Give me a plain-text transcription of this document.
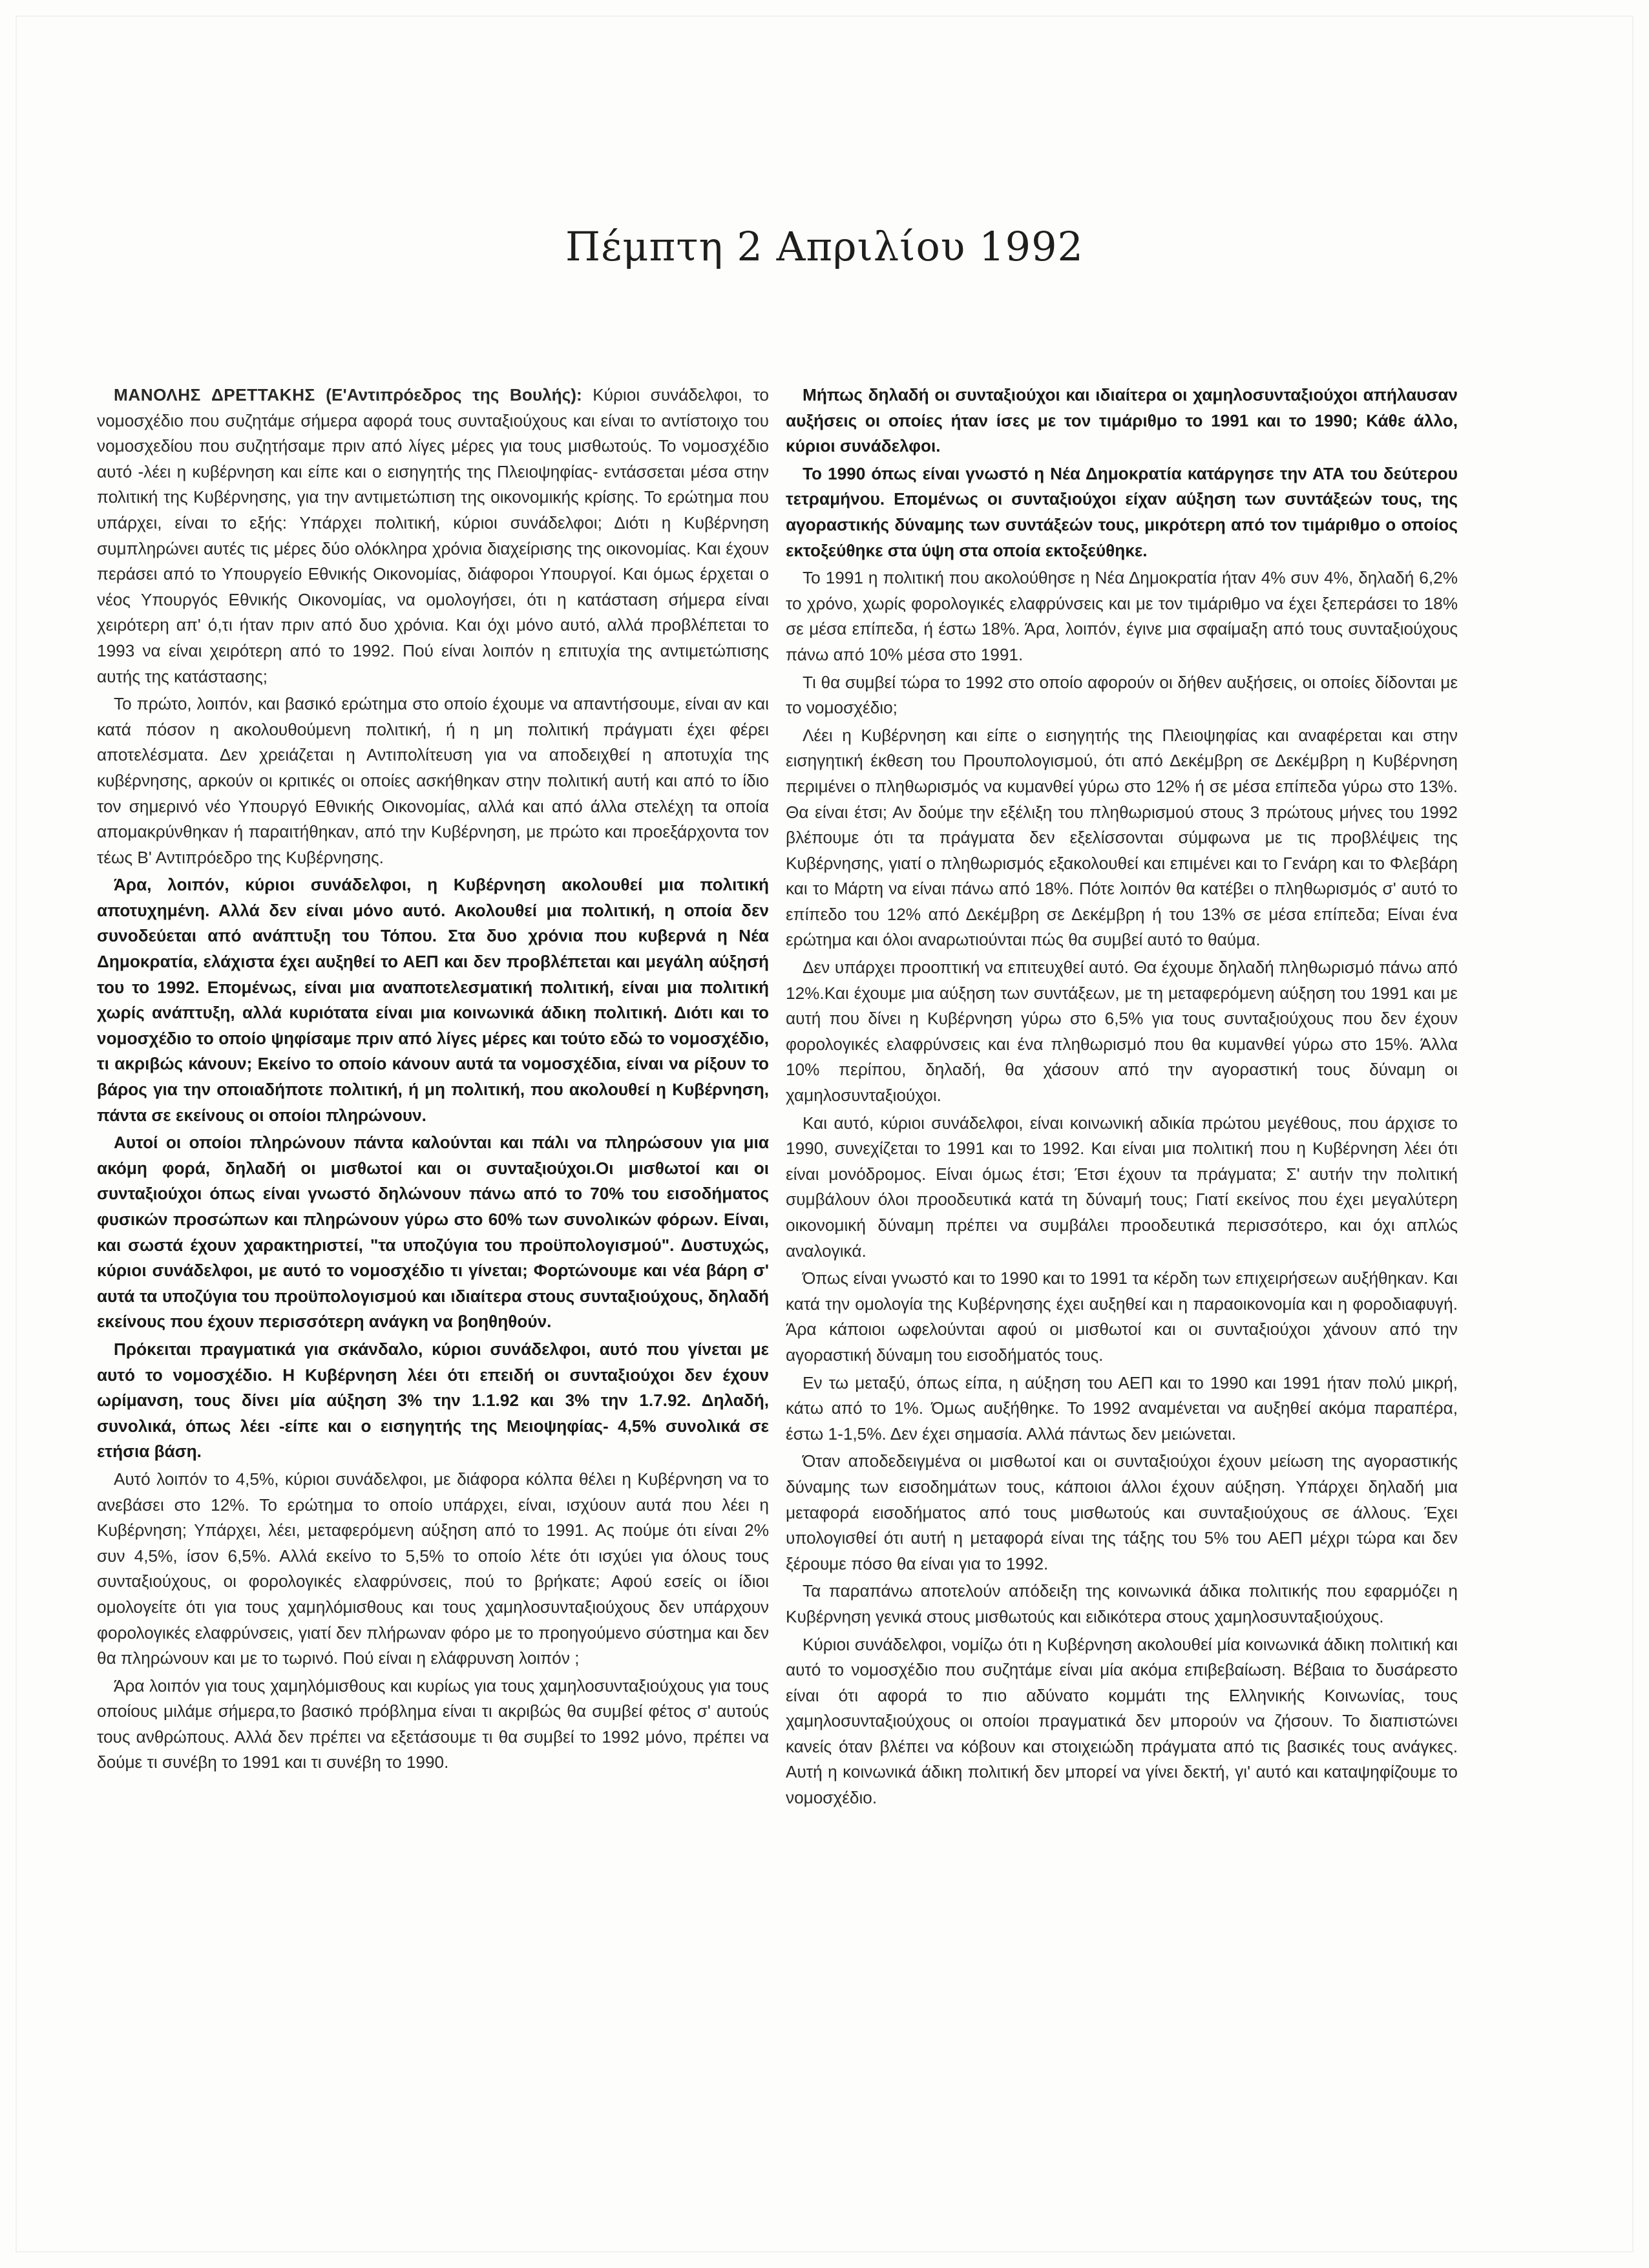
Πέμπτη 2 Απριλίου 1992

ΜΑΝΟΛΗΣ ΔΡΕΤΤΑΚΗΣ (Ε'Αντιπρόεδρος της Βουλής): Κύριοι συνάδελφοι, το νομοσχέδιο που συζητάμε σήμερα αφορά τους συνταξιούχους και είναι το αντίστοιχο του νομοσχεδίου που συζητήσαμε πριν από λίγες μέρες για τους μισθωτούς. Το νομοσχέδιο αυτό -λέει η κυβέρνηση και είπε και ο εισηγητής της Πλειοψηφίας- εντάσσεται μέσα στην πολιτική της Κυβέρνησης, για την αντιμετώπιση της οικονομικής κρίσης. Το ερώτημα που υπάρχει, είναι το εξής: Υπάρχει πολιτική, κύριοι συνάδελφοι; Διότι η Κυβέρνηση συμπληρώνει αυτές τις μέρες δύο ολόκληρα χρόνια διαχείρισης της οικονομίας. Και έχουν περάσει από το Υπουργείο Εθνικής Οικονομίας, διάφοροι Υπουργοί. Και όμως έρχεται ο νέος Υπουργός Εθνικής Οικονομίας, να ομολογήσει, ότι η κατάσταση σήμερα είναι χειρότερη απ' ό,τι ήταν πριν από δυο χρόνια. Και όχι μόνο αυτό, αλλά προβλέπεται το 1993 να είναι χειρότερη από το 1992. Πού είναι λοιπόν η επιτυχία της αντιμετώπισης αυτής της κατάστασης;

Το πρώτο, λοιπόν, και βασικό ερώτημα στο οποίο έχουμε να απαντήσουμε, είναι αν και κατά πόσον η ακολουθούμενη πολιτική, ή η μη πολιτική πράγματι έχει φέρει αποτελέσματα. Δεν χρειάζεται η Αντιπολίτευση για να αποδειχθεί η αποτυχία της κυβέρνησης, αρκούν οι κριτικές οι οποίες ασκήθηκαν στην πολιτική αυτή και από το ίδιο τον σημερινό νέο Υπουργό Εθνικής Οικονομίας, αλλά και από άλλα στελέχη τα οποία απομακρύνθηκαν ή παραιτήθηκαν, από την Κυβέρνηση, με πρώτο και προεξάρχοντα τον τέως Β' Αντιπρόεδρο της Κυβέρνησης.

Άρα, λοιπόν, κύριοι συνάδελφοι, η Κυβέρνηση ακολουθεί μια πολιτική αποτυχημένη. Αλλά δεν είναι μόνο αυτό. Ακολουθεί μια πολιτική, η οποία δεν συνοδεύεται από ανάπτυξη του Τόπου. Στα δυο χρόνια που κυβερνά η Νέα Δημοκρατία, ελάχιστα έχει αυξηθεί το ΑΕΠ και δεν προβλέπεται και μεγάλη αύξησή του το 1992. Επομένως, είναι μια αναποτελεσματική πολιτική, είναι μια πολιτική χωρίς ανάπτυξη, αλλά κυριότατα είναι μια κοινωνικά άδικη πολιτική. Διότι και το νομοσχέδιο το οποίο ψηφίσαμε πριν από λίγες μέρες και τούτο εδώ το νομοσχέδιο, τι ακριβώς κάνουν; Εκείνο το οποίο κάνουν αυτά τα νομοσχέδια, είναι να ρίξουν το βάρος για την οποιαδήποτε πολιτική, ή μη πολιτική, που ακολουθεί η Κυβέρνηση, πάντα σε εκείνους οι οποίοι πληρώνουν.

Αυτοί οι οποίοι πληρώνουν πάντα καλούνται και πάλι να πληρώσουν για μια ακόμη φορά, δηλαδή οι μισθωτοί και οι συνταξιούχοι.Οι μισθωτοί και οι συνταξιούχοι όπως είναι γνωστό δηλώνουν πάνω από το 70% του εισοδήματος φυσικών προσώπων και πληρώνουν γύρω στο 60% των συνολικών φόρων. Είναι, και σωστά έχουν χαρακτηριστεί, "τα υποζύγια του προϋπολογισμού". Δυστυχώς, κύριοι συνάδελφοι, με αυτό το νομοσχέδιο τι γίνεται; Φορτώνουμε και νέα βάρη σ' αυτά τα υποζύγια του προϋπολογισμού και ιδιαίτερα στους συνταξιούχους, δηλαδή εκείνους που έχουν περισσότερη ανάγκη να βοηθηθούν.

Πρόκειται πραγματικά για σκάνδαλο, κύριοι συνάδελφοι, αυτό που γίνεται με αυτό το νομοσχέδιο. Η Κυβέρνηση λέει ότι επειδή οι συνταξιούχοι δεν έχουν ωρίμανση, τους δίνει μία αύξηση 3% την 1.1.92 και 3% την 1.7.92. Δηλαδή, συνολικά, όπως λέει -είπε και ο εισηγητής της Μειοψηφίας- 4,5% συνολικά σε ετήσια βάση.

Αυτό λοιπόν το 4,5%, κύριοι συνάδελφοι, με διάφορα κόλπα θέλει η Κυβέρνηση να το ανεβάσει στο 12%. Το ερώτημα το οποίο υπάρχει, είναι, ισχύουν αυτά που λέει η Κυβέρνηση; Υπάρχει, λέει, μεταφερόμενη αύξηση από το 1991. Ας πούμε ότι είναι 2% συν 4,5%, ίσον 6,5%. Αλλά εκείνο το 5,5% το οποίο λέτε ότι ισχύει για όλους τους συνταξιούχους, οι φορολογικές ελαφρύνσεις, πού το βρήκατε; Αφού εσείς οι ίδιοι ομολογείτε ότι για τους χαμηλόμισθους και τους χαμηλοσυνταξιούχους δεν υπάρχουν φορολογικές ελαφρύνσεις, γιατί δεν πλήρωναν φόρο με το προηγούμενο σύστημα και δεν θα πληρώνουν και με το τωρινό. Πού είναι η ελάφρυνση λοιπόν ;

Άρα λοιπόν για τους χαμηλόμισθους και κυρίως για τους χαμηλοσυνταξιούχους για τους οποίους μιλάμε σήμερα,το βασικό πρόβλημα είναι τι ακριβώς θα συμβεί φέτος σ' αυτούς τους ανθρώπους. Αλλά δεν πρέπει να εξετάσουμε τι θα συμβεί το 1992 μόνο, πρέπει να δούμε τι συνέβη το 1991 και τι συνέβη το 1990.

Μήπως δηλαδή οι συνταξιούχοι και ιδιαίτερα οι χαμηλοσυνταξιούχοι απήλαυσαν αυξήσεις οι οποίες ήταν ίσες με τον τιμάριθμο το 1991 και το 1990; Κάθε άλλο, κύριοι συνάδελφοι.

Το 1990 όπως είναι γνωστό η Νέα Δημοκρατία κατάργησε την ΑΤΑ του δεύτερου τετραμήνου. Επομένως οι συνταξιούχοι είχαν αύξηση των συντάξεών τους, της αγοραστικής δύναμης των συντάξεών τους, μικρότερη από τον τιμάριθμο ο οποίος εκτοξεύθηκε στα ύψη στα οποία εκτοξεύθηκε.

Το 1991 η πολιτική που ακολούθησε η Νέα Δημοκρατία ήταν 4% συν 4%, δηλαδή 6,2% το χρόνο, χωρίς φορολογικές ελαφρύνσεις και με τον τιμάριθμο να έχει ξεπεράσει το 18% σε μέσα επίπεδα, ή έστω 18%. Άρα, λοιπόν, έγινε μια σφαίμαξη από τους συνταξιούχους πάνω από 10% μέσα στο 1991.

Τι θα συμβεί τώρα το 1992 στο οποίο αφορούν οι δήθεν αυξήσεις, οι οποίες δίδονται με το νομοσχέδιο;

Λέει η Κυβέρνηση και είπε ο εισηγητής της Πλειοψηφίας και αναφέρεται και στην εισηγητική έκθεση του Προυπολογισμού, ότι από Δεκέμβρη σε Δεκέμβρη η Κυβέρνηση περιμένει ο πληθωρισμός να κυμανθεί γύρω στο 12% ή σε μέσα επίπεδα γύρω στο 13%. Θα είναι έτσι; Αν δούμε την εξέλιξη του πληθωρισμού στους 3 πρώτους μήνες του 1992 βλέπουμε ότι τα πράγματα δεν εξελίσσονται σύμφωνα με τις προβλέψεις της Κυβέρνησης, γιατί ο πληθωρισμός εξακολουθεί και επιμένει και το Γενάρη και το Φλεβάρη και το Μάρτη να είναι πάνω από 18%. Πότε λοιπόν θα κατέβει ο πληθωρισμός σ' αυτό το επίπεδο του 12% από Δεκέμβρη σε Δεκέμβρη ή του 13% σε μέσα επίπεδα; Είναι ένα ερώτημα και όλοι αναρωτιούνται πώς θα συμβεί αυτό το θαύμα.

Δεν υπάρχει προοπτική να επιτευχθεί αυτό. Θα έχουμε δηλαδή πληθωρισμό πάνω από 12%.Και έχουμε μια αύξηση των συντάξεων, με τη μεταφερόμενη αύξηση του 1991 και με αυτή που δίνει η Κυβέρνηση γύρω στο 6,5% για τους συνταξιούχους που δεν έχουν φορολογικές ελαφρύνσεις και ένα πληθωρισμό που θα κυμανθεί γύρω στο 15%. Άλλα 10% περίπου, δηλαδή, θα χάσουν από την αγοραστική τους δύναμη οι χαμηλοσυνταξιούχοι.

Και αυτό, κύριοι συνάδελφοι, είναι κοινωνική αδικία πρώτου μεγέθους, που άρχισε το 1990, συνεχίζεται το 1991 και το 1992. Και είναι μια πολιτική που η Κυβέρνηση λέει ότι είναι μονόδρομος. Είναι όμως έτσι; Έτσι έχουν τα πράγματα; Σ' αυτήν την πολιτική συμβάλουν όλοι προοδευτικά κατά τη δύναμή τους; Γιατί εκείνος που έχει μεγαλύτερη οικονομική δύναμη πρέπει να συμβάλει προοδευτικά περισσότερο, και όχι απλώς αναλογικά.

Όπως είναι γνωστό και το 1990 και το 1991 τα κέρδη των επιχειρήσεων αυξήθηκαν. Και κατά την ομολογία της Κυβέρνησης έχει αυξηθεί και η παραοικονομία και η φοροδιαφυγή. Άρα κάποιοι ωφελούνται αφού οι μισθωτοί και οι συνταξιούχοι χάνουν από την αγοραστική δύναμη του εισοδήματός τους.

Εν τω μεταξύ, όπως είπα, η αύξηση του ΑΕΠ και το 1990 και 1991 ήταν πολύ μικρή, κάτω από το 1%. Όμως αυξήθηκε. Το 1992 αναμένεται να αυξηθεί ακόμα παραπέρα, έστω 1-1,5%. Δεν έχει σημασία. Αλλά πάντως δεν μειώνεται.

Όταν αποδεδειγμένα οι μισθωτοί και οι συνταξιούχοι έχουν μείωση της αγοραστικής δύναμης των εισοδημάτων τους, κάποιοι άλλοι έχουν αύξηση. Υπάρχει δηλαδή μια μεταφορά εισοδήματος από τους μισθωτούς και συνταξιούχους σε άλλους. Έχει υπολογισθεί ότι αυτή η μεταφορά είναι της τάξης του 5% του ΑΕΠ μέχρι τώρα και δεν ξέρουμε πόσο θα είναι για το 1992.

Τα παραπάνω αποτελούν απόδειξη της κοινωνικά άδικα πολιτικής που εφαρμόζει η Κυβέρνηση γενικά στους μισθωτούς και ειδικότερα στους χαμηλοσυνταξιούχους.

Κύριοι συνάδελφοι, νομίζω ότι η Κυβέρνηση ακολουθεί μία κοινωνικά άδικη πολιτική και αυτό το νομοσχέδιο που συζητάμε είναι μία ακόμα επιβεβαίωση. Βέβαια το δυσάρεστο είναι ότι αφορά το πιο αδύνατο κομμάτι της Ελληνικής Κοινωνίας, τους χαμηλοσυνταξιούχους οι οποίοι πραγματικά δεν μπορούν να ζήσουν. Το διαπιστώνει κανείς όταν βλέπει να κόβουν και στοιχειώδη πράγματα από τις βασικές τους ανάγκες. Αυτή η κοινωνικά άδικη πολιτική δεν μπορεί να γίνει δεκτή, γι' αυτό και καταψηφίζουμε το νομοσχέδιο.
